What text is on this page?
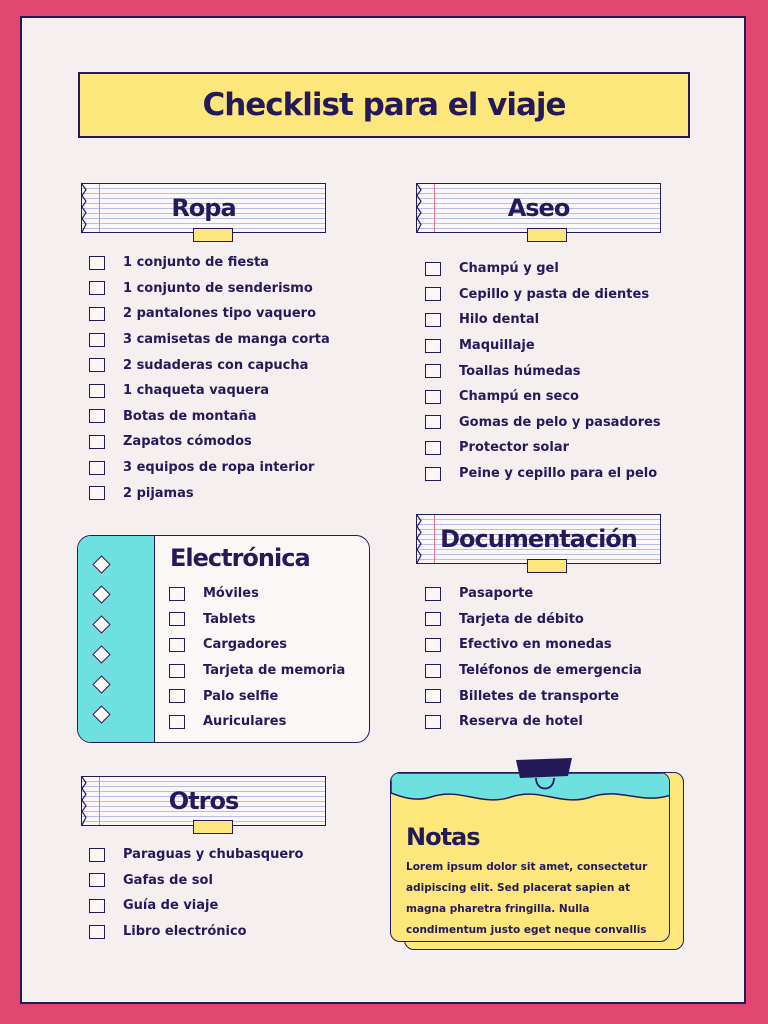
Checklist para el viaje
Ropa
1 conjunto de fiesta
1 conjunto de senderismo
2 pantalones tipo vaquero
3 camisetas de manga corta
2 sudaderas con capucha
1 chaqueta vaquera
Botas de montaña
Zapatos cómodos
3 equipos de ropa interior
2 pijamas
Aseo
Champú y gel
Cepillo y pasta de dientes
Hilo dental
Maquillaje
Toallas húmedas
Champú en seco
Gomas de pelo y pasadores
Protector solar
Peine y cepillo para el pelo
Electrónica
Móviles
Tablets
Cargadores
Tarjeta de memoria
Palo selfie
Auriculares
Documentación
Pasaporte
Tarjeta de débito
Efectivo en monedas
Teléfonos de emergencia
Billetes de transporte
Reserva de hotel
Otros
Paraguas y chubasquero
Gafas de sol
Guía de viaje
Libro electrónico
Notas

Lorem ipsum dolor sit amet, consectetur adipiscing elit. Sed placerat sapien at magna pharetra fringilla. Nulla condimentum justo eget neque convallis
